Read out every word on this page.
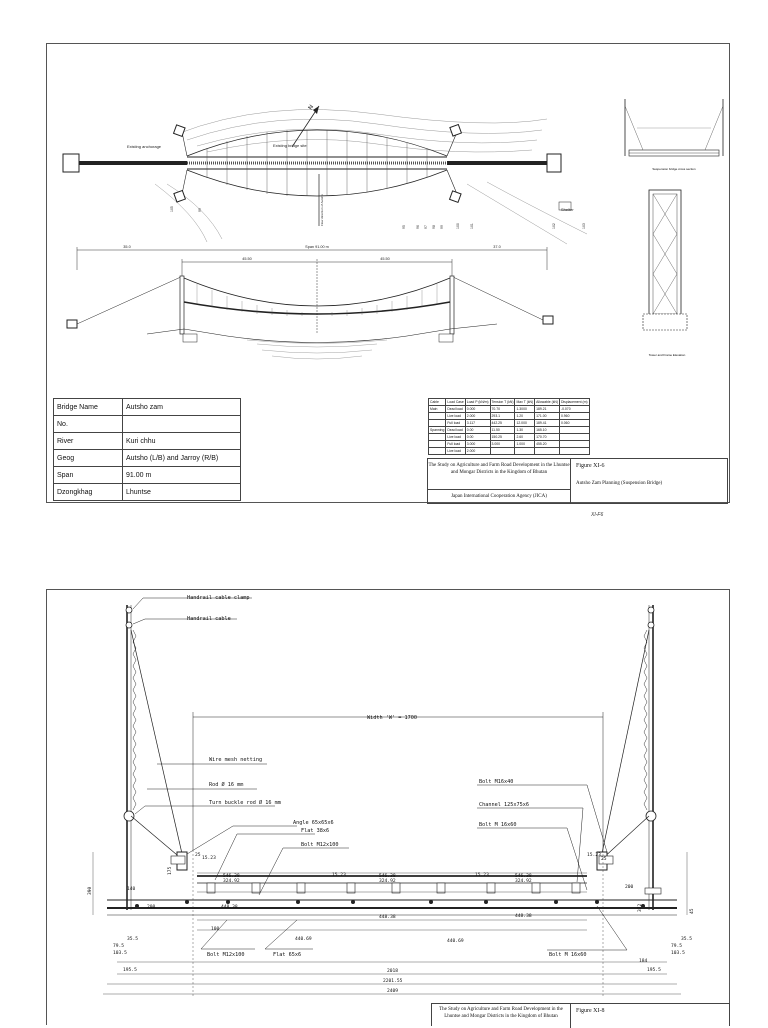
N
105	99
95	96 97 98 99	100	101	102	103
35.0	Span 91.00 m	37.0
45.50	45.50
Suspension bridge cross section
Tower and Frame Elevation
Existing anchorage	Existing bridge site
Flow direction of Autsho	Shelter
Bridge Name	Autsho zam
No.	
River	Kuri chhu
Geog	Autsho (L/B) and Jarroy (R/B)
Span	91.00 m
Dzongkhag	Lhuntse
Cable	Load Case	Load P (kN/m)	Tension T (kN)	Max T (kN)	Allowable (kN)	Displacement (m)
Main	Dead load	0.000	70.70	1.3000	189.21	-0.070
	Live load	2.000	293.1	1.20	171.00	0.960
	Full load	3.117	442.25	12.000	189.41	0.060
Spanning	Dead load	0.00	11.50	1.30	165.10	
	Live load	0.00	150.25	2.60	170.70	
	Full load	3.000	3.000	1.000	455.20	
	Live load	2.000				
The Study on Agriculture and Farm Road Development in the Lhuntse and Mongar Districts in the Kingdom of Bhutan
Japan International Cooperation Agency (JICA)
Figure XI-6
Autsho Zam Planning (Suspension Bridge)
XI-F6
Handrail cable clamp
Handrail cable
Width 'W' = 1700
Wire mesh netting
Rod Ø 16 mm
Turn buckle rod Ø 16 mm
Angle 65x65x6
Flat 38x6
Bolt M12x100
Bolt M16x40
Channel 125x75x6
Bolt M 16x60
Bolt M12x100	Flat 65x6	Bolt M 16x60
25
15.23
15.23	15.23
15.23
25
546.38
324.92
546.38
324.92
546.38
324.92
448.38
448.38	448.38
440.69	440.69
100
200
200
35.5
79.5
103.5
35.5
79.5
103.5
184
195.5	195.5
2018
2201.55
2409
140
390
175
372	45
The Study on Agriculture and Farm Road Development in the Lhuntse and Mongar Districts in the Kingdom of Bhutan
Figure XI-8
